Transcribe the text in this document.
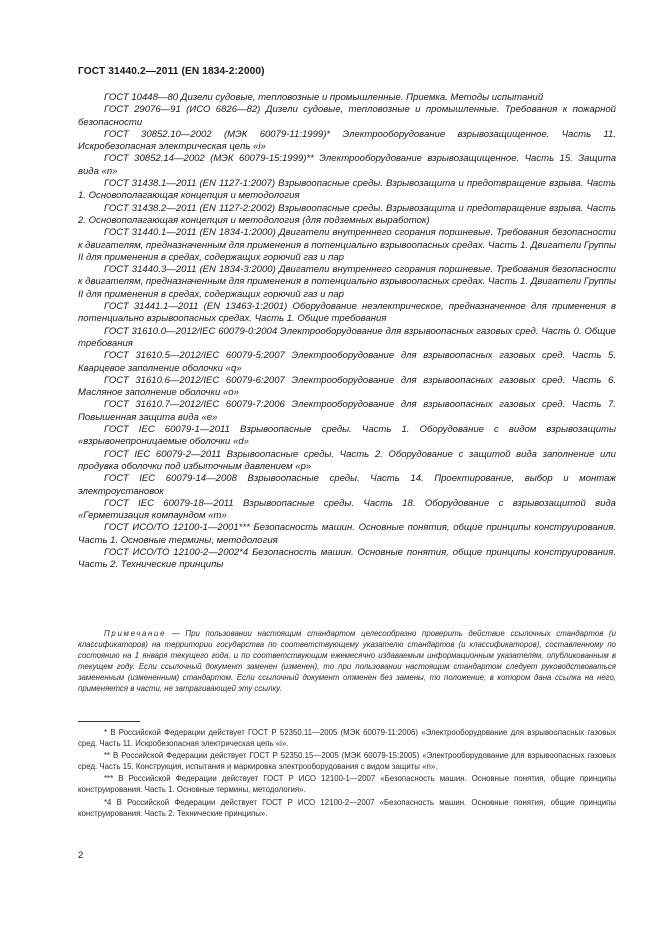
ГОСТ 31440.2—2011 (EN 1834-2:2000)

ГОСТ 10448—80 Дизели судовые, тепловозные и промышленные. Приемка. Методы испытаний

ГОСТ 29076—91 (ИСО 6826—82) Дизели судовые, тепловозные и промышленные. Требования к пожарной безопасности

ГОСТ 30852.10—2002 (МЭК 60079-11:1999)* Электрооборудование взрывозащищенное. Часть 11. Искробезопасная электрическая цепь «i»

ГОСТ 30852.14—2002 (МЭК 60079-15:1999)** Электрооборудование взрывозащищенное. Часть 15. Защита вида «n»

ГОСТ 31438.1—2011 (EN 1127-1:2007) Взрывоопасные среды. Взрывозащита и предотвращение взрыва. Часть 1. Основополагающая концепция и методология

ГОСТ 31438.2—2011 (EN 1127-2:2002) Взрывоопасные среды. Взрывозащита и предотвращение взрыва. Часть 2. Основополагающая концепция и методология (для подземных выработок)

ГОСТ 31440.1—2011 (EN 1834-1:2000) Двигатели внутреннего сгорания поршневые. Требования безопасности к двигателям, предназначенным для применения в потенциально взрывоопасных средах. Часть 1. Двигатели Группы II для применения в средах, содержащих горючий газ и пар

ГОСТ 31440.3—2011 (EN 1834-3:2000) Двигатели внутреннего сгорания поршневые. Требования безопасности к двигателям, предназначенным для применения в потенциально взрывоопасных средах. Часть 1. Двигатели Группы II для применения в средах, содержащих горючий газ и пар

ГОСТ 31441.1—2011 (EN 13463-1:2001) Оборудование неэлектрическое, предназначенное для применения в потенциально взрывоопасных средах. Часть 1. Общие требования

ГОСТ 31610.0—2012/IEC 60079-0:2004 Электрооборудование для взрывоопасных газовых сред. Часть 0. Общие требования

ГОСТ 31610.5—2012/IEC 60079-5:2007 Электрооборудование для взрывоопасных газовых сред. Часть 5. Кварцевое заполнение оболочки «q»

ГОСТ 31610.6—2012/IEC 60079-6:2007 Электрооборудование для взрывоопасных газовых сред. Часть 6. Масляное заполнение оболочки «о»

ГОСТ 31610.7—2012/IEC 60079-7:2006 Электрооборудование для взрывоопасных газовых сред. Часть 7. Повышенная защита вида «е»

ГОСТ IEC 60079-1—2011 Взрывоопасные среды. Часть 1. Оборудование с видом взрывозащиты «взрывонепроницаемые оболочки «d»

ГОСТ IEC 60079-2—2011 Взрывоопасные среды. Часть 2. Оборудование с защитой вида заполнение или продувка оболочки под избыточным давлением «р»

ГОСТ IEC 60079-14—2008 Взрывоопасные среды. Часть 14. Проектирование, выбор и монтаж электроустановок

ГОСТ IEC 60079-18—2011 Взрывоопасные среды. Часть 18. Оборудование с взрывозащитой вида «Герметизация компаундом «m»

ГОСТ ИСО/ТО 12100-1—2001*** Безопасность машин. Основные понятия, общие принципы конструирования. Часть 1. Основные термины, методология

ГОСТ ИСО/ТО 12100-2—2002*4 Безопасность машин. Основные понятия, общие принципы конструирования. Часть 2. Технические принципы

Примечание — При пользовании настоящим стандартом целесообразно проверить действие ссылочных стандартов (и классификаторов) на территории государства по соответствующему указателю стандартов (и классификаторов), составленному по состоянию на 1 января текущего года, и по соответствующим ежемесячно издаваемым информационным указателям, опубликованным в текущем году. Если ссылочный документ заменен (изменен), то при пользовании настоящим стандартом следует руководствоваться замененным (измененным) стандартом. Если ссылочный документ отменен без замены, то положение, в котором дана ссылка на него, применяется в части, не затрагивающей эту ссылку.

* В Российской Федерации действует ГОСТ Р 52350.11—2005 (МЭК 60079-11:2006) «Электрооборудование для взрывоопасных газовых сред. Часть 11. Искробезопасная электрическая цепь «i».

** В Российской Федерации действует ГОСТ Р 52350.15—2005 (МЭК 60079-15:2005) «Электрооборудование для взрывоопасных газовых сред. Часть 15. Конструкция, испытания и маркировка электрооборудования с видом защиты «n».

*** В Российской Федерации действует ГОСТ Р ИСО 12100-1—2007 «Безопасность машин. Основные понятия, общие принципы конструирования. Часть 1. Основные термины, методология».

*4 В Российской Федерации действует ГОСТ Р ИСО 12100-2—2007 «Безопасность машин. Основные понятия, общие принципы конструирования. Часть 2. Технические принципы».

2
